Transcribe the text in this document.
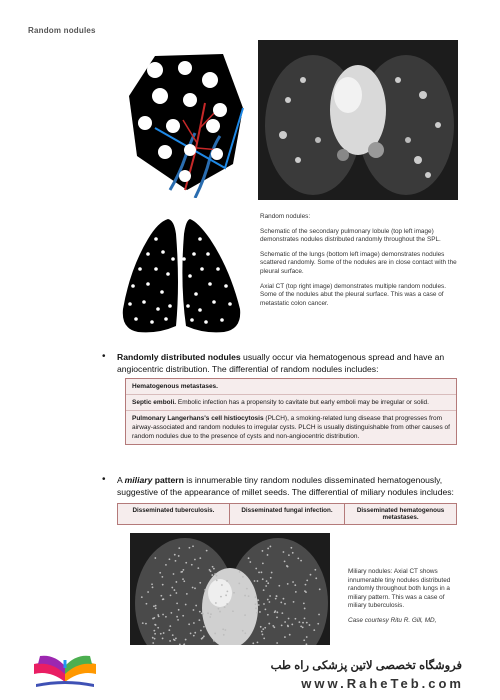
Random nodules

Random nodules:

Schematic of the secondary pulmonary lobule (top left image) demonstrates nodules distributed randomly throughout the SPL.

Schematic of the lungs (bottom left image) demonstrates nodules scattered randomly. Some of the nodules are in close contact with the pleural surface.

Axial CT (top right image) demonstrates multiple random nodules. Some of the nodules abut the pleural surface. This was a case of metastatic colon cancer.

• Randomly distributed nodules usually occur via hematogenous spread and have an angiocentric distribution. The differential of random nodules includes:
Hematogenous metastases.
Septic emboli. Embolic infection has a propensity to cavitate but early emboli may be irregular or solid.
Pulmonary Langerhans's cell histiocytosis (PLCH), a smoking-related lung disease that progresses from airway-associated and random nodules to irregular cysts. PLCH is usually distinguishable from other causes of random nodules due to the presence of cysts and non-angiocentric distribution.
• A miliary pattern is innumerable tiny random nodules disseminated hematogenously, suggestive of the appearance of millet seeds. The differential of miliary nodules includes:
Disseminated tuberculosis.	Disseminated fungal infection.	Disseminated hematogenous metastases.

Miliary nodules: Axial CT shows innumerable tiny nodules distributed randomly throughout both lungs in a miliary pattern. This was a case of miliary tuberculosis.

Case courtesy Ritu R. Gill, MD,

فروشگاه تخصصی لاتین پزشکی راه طب
www.RaheTeb.com
